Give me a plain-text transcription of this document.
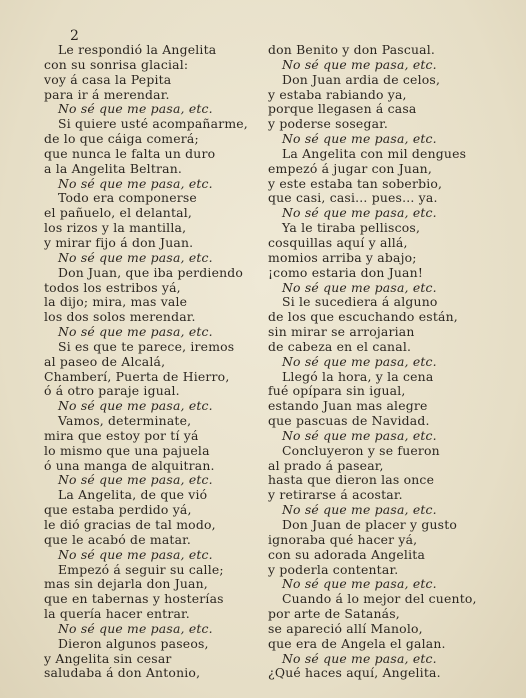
2
Le respondió la Angelita
con su sonrisa glacial:
voy á casa la Pepita
para ir á merendar.
No sé que me pasa, etc.
Si quiere usté acompañarme,
de lo que cáiga comerá;
que nunca le falta un duro
a la Angelita Beltran.
No sé que me pasa, etc.
Todo era componerse
el pañuelo, el delantal,
los rizos y la mantilla,
y mirar fijo á don Juan.
No sé que me pasa, etc.
Don Juan, que iba perdiendo
todos los estribos yá,
la dijo; mira, mas vale
los dos solos merendar.
No sé que me pasa, etc.
Si es que te parece, iremos
al paseo de Alcalá,
Chamberí, Puerta de Hierro,
ó á otro paraje igual.
No sé que me pasa, etc.
Vamos, determinate,
mira que estoy por tí yá
lo mismo que una pajuela
ó una manga de alquitran.
No sé que me pasa, etc.
La Angelita, de que vió
que estaba perdido yá,
le dió gracias de tal modo,
que le acabó de matar.
No sé que me pasa, etc.
Empezó á seguir su calle;
mas sin dejarla don Juan,
que en tabernas y hosterías
la quería hacer entrar.
No sé que me pasa, etc.
Dieron algunos paseos,
y Angelita sin cesar
saludaba á don Antonio,
don Benito y don Pascual.
No sé que me pasa, etc.
Don Juan ardia de celos,
y estaba rabiando ya,
porque llegasen á casa
y poderse sosegar.
No sé que me pasa, etc.
La Angelita con mil dengues
empezó á jugar con Juan,
y este estaba tan soberbio,
que casi, casi... pues... ya.
No sé que me pasa, etc.
Ya le tiraba pelliscos,
cosquillas aquí y allá,
momios arriba y abajo;
¡como estaria don Juan!
No sé que me pasa, etc.
Si le sucediera á alguno
de los que escuchando están,
sin mirar se arrojarian
de cabeza en el canal.
No sé que me pasa, etc.
Llegó la hora, y la cena
fué opípara sin igual,
estando Juan mas alegre
que pascuas de Navidad.
No sé que me pasa, etc.
Concluyeron y se fueron
al prado á pasear,
hasta que dieron las once
y retirarse á acostar.
No sé que me pasa, etc.
Don Juan de placer y gusto
ignoraba qué hacer yá,
con su adorada Angelita
y poderla contentar.
No sé que me pasa, etc.
Cuando á lo mejor del cuento,
por arte de Satanás,
se apareció allí Manolo,
que era de Angela el galan.
No sé que me pasa, etc.
¿Qué haces aquí, Angelita.
